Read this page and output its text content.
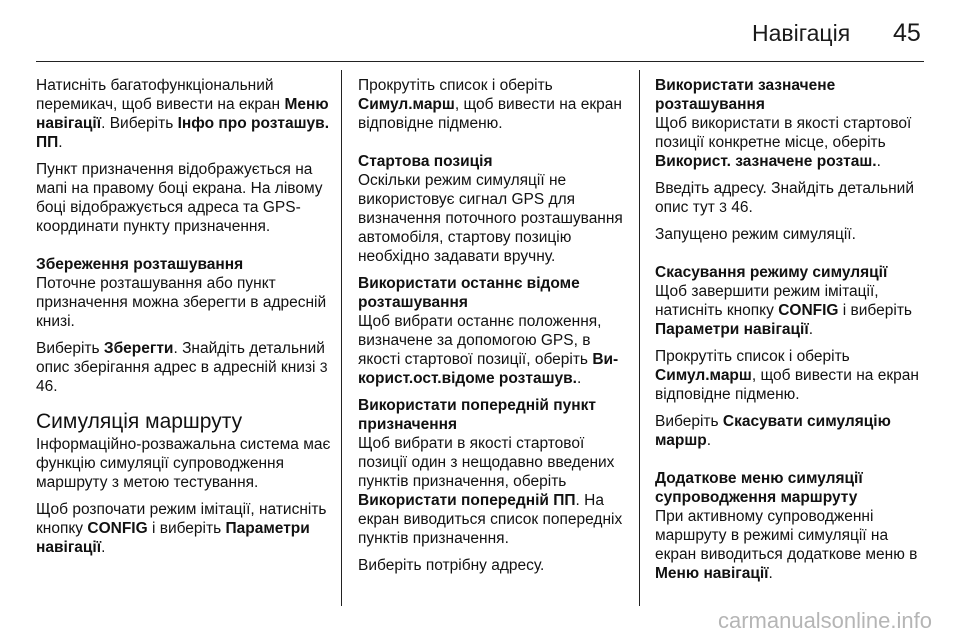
Навігація 45

Натисніть багатофункціональний перемикач, щоб вивести на екран Меню навігації. Виберіть Інфо про розташув. ПП.

Пункт призначення відображується на мапі на правому боці екрана. На лівому боці відображується адреса та GPS-координати пункту призначення.

Збереження розташування

Поточне розташування або пункт призначення можна зберегти в адресній книзі.

Виберіть Зберегти. Знайдіть детальний опис зберігання адрес в адресній книзі 3 46.

Симуляція маршруту

Інформаційно-розважальна система має функцію симуляції супроводження маршруту з метою тестування.

Щоб розпочати режим імітації, натисніть кнопку CONFIG і виберіть Параметри навігації.

Прокрутіть список і оберіть Симул.марш, щоб вивести на екран відповідне підменю.

Стартова позиція

Оскільки режим симуляції не використовує сигнал GPS для визначення поточного розташування автомобіля, стартову позицію необхідно задавати вручну.

Використати останнє відоме розташування

Щоб вибрати останнє положення, визначене за допомогою GPS, в якості стартової позиції, оберіть Ви-корист.ост.відоме розташув..

Використати попередній пункт призначення

Щоб вибрати в якості стартової позиції один з нещодавно введених пунктів призначення, оберіть Використати попередній ПП. На екран виводиться список попередніх пунктів призначення.

Виберіть потрібну адресу.

Використати зазначене розташування

Щоб використати в якості стартової позиції конкретне місце, оберіть Використ. зазначене розташ..

Введіть адресу. Знайдіть детальний опис тут 3 46.

Запущено режим симуляції.

Скасування режиму симуляції

Щоб завершити режим імітації, натисніть кнопку CONFIG і виберіть Параметри навігації.

Прокрутіть список і оберіть Симул.марш, щоб вивести на екран відповідне підменю.

Виберіть Скасувати симуляцію маршр.

Додаткове меню симуляції супроводження маршруту

При активному супроводженні маршруту в режимі симуляції на екран виводиться додаткове меню в Меню навігації.

carmanualsonline.info
